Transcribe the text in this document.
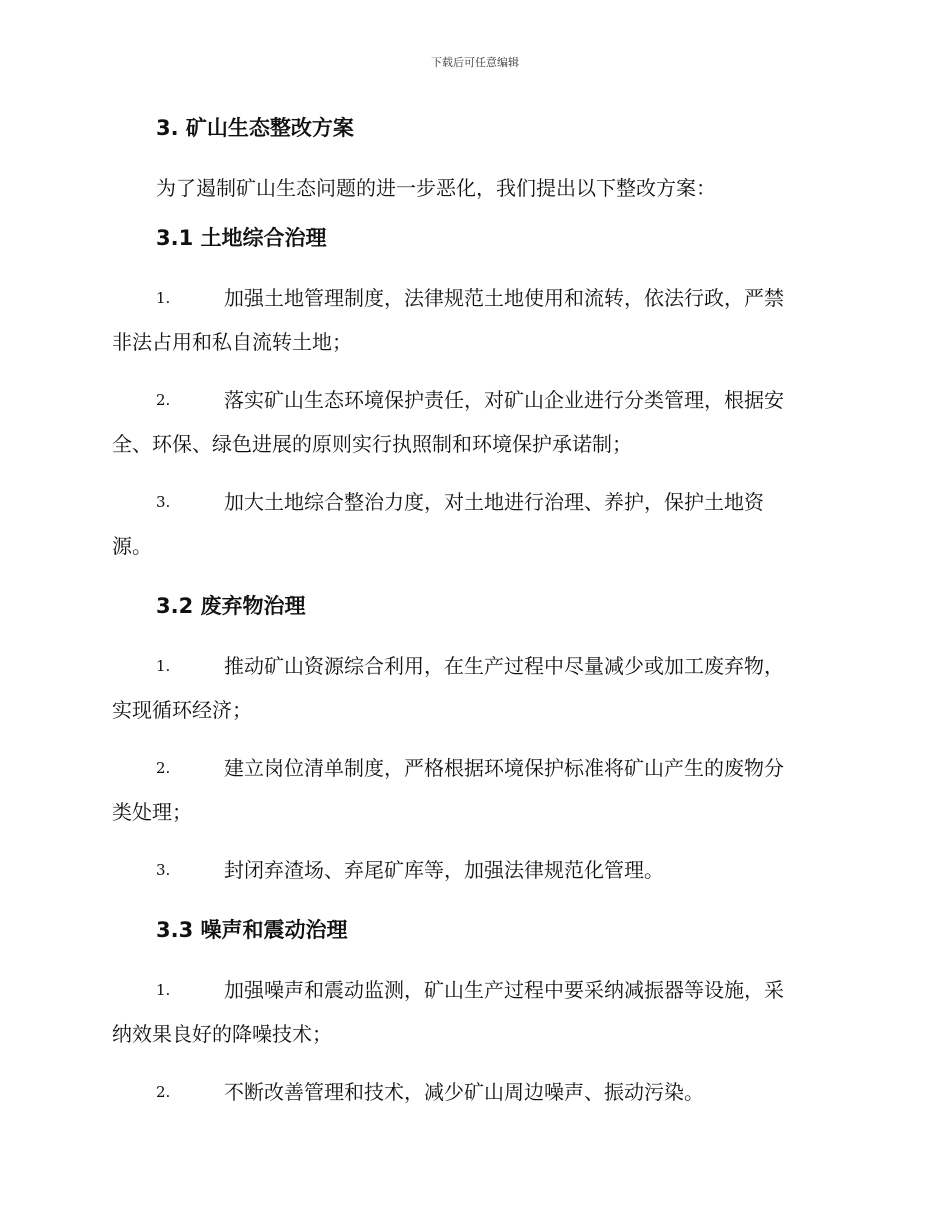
下载后可任意编辑
3. 矿山生态整改方案

为了遏制矿山生态问题的进一步恶化，我们提出以下整改方案：

3.1 土地综合治理
1.	加强土地管理制度，法律规范土地使用和流转，依法行政，严禁
非法占用和私自流转土地；
2.	落实矿山生态环境保护责任，对矿山企业进行分类管理，根据安
全、环保、绿色进展的原则实行执照制和环境保护承诺制；
3.	加大土地综合整治力度，对土地进行治理、养护，保护土地资
源。
3.2 废弃物治理
1.	推动矿山资源综合利用，在生产过程中尽量减少或加工废弃物，
实现循环经济；
2.	建立岗位清单制度，严格根据环境保护标准将矿山产生的废物分
类处理；
3.	封闭弃渣场、弃尾矿库等，加强法律规范化管理。
3.3 噪声和震动治理
1.	加强噪声和震动监测，矿山生产过程中要采纳减振器等设施，采
纳效果良好的降噪技术；
2.	不断改善管理和技术，减少矿山周边噪声、振动污染。
